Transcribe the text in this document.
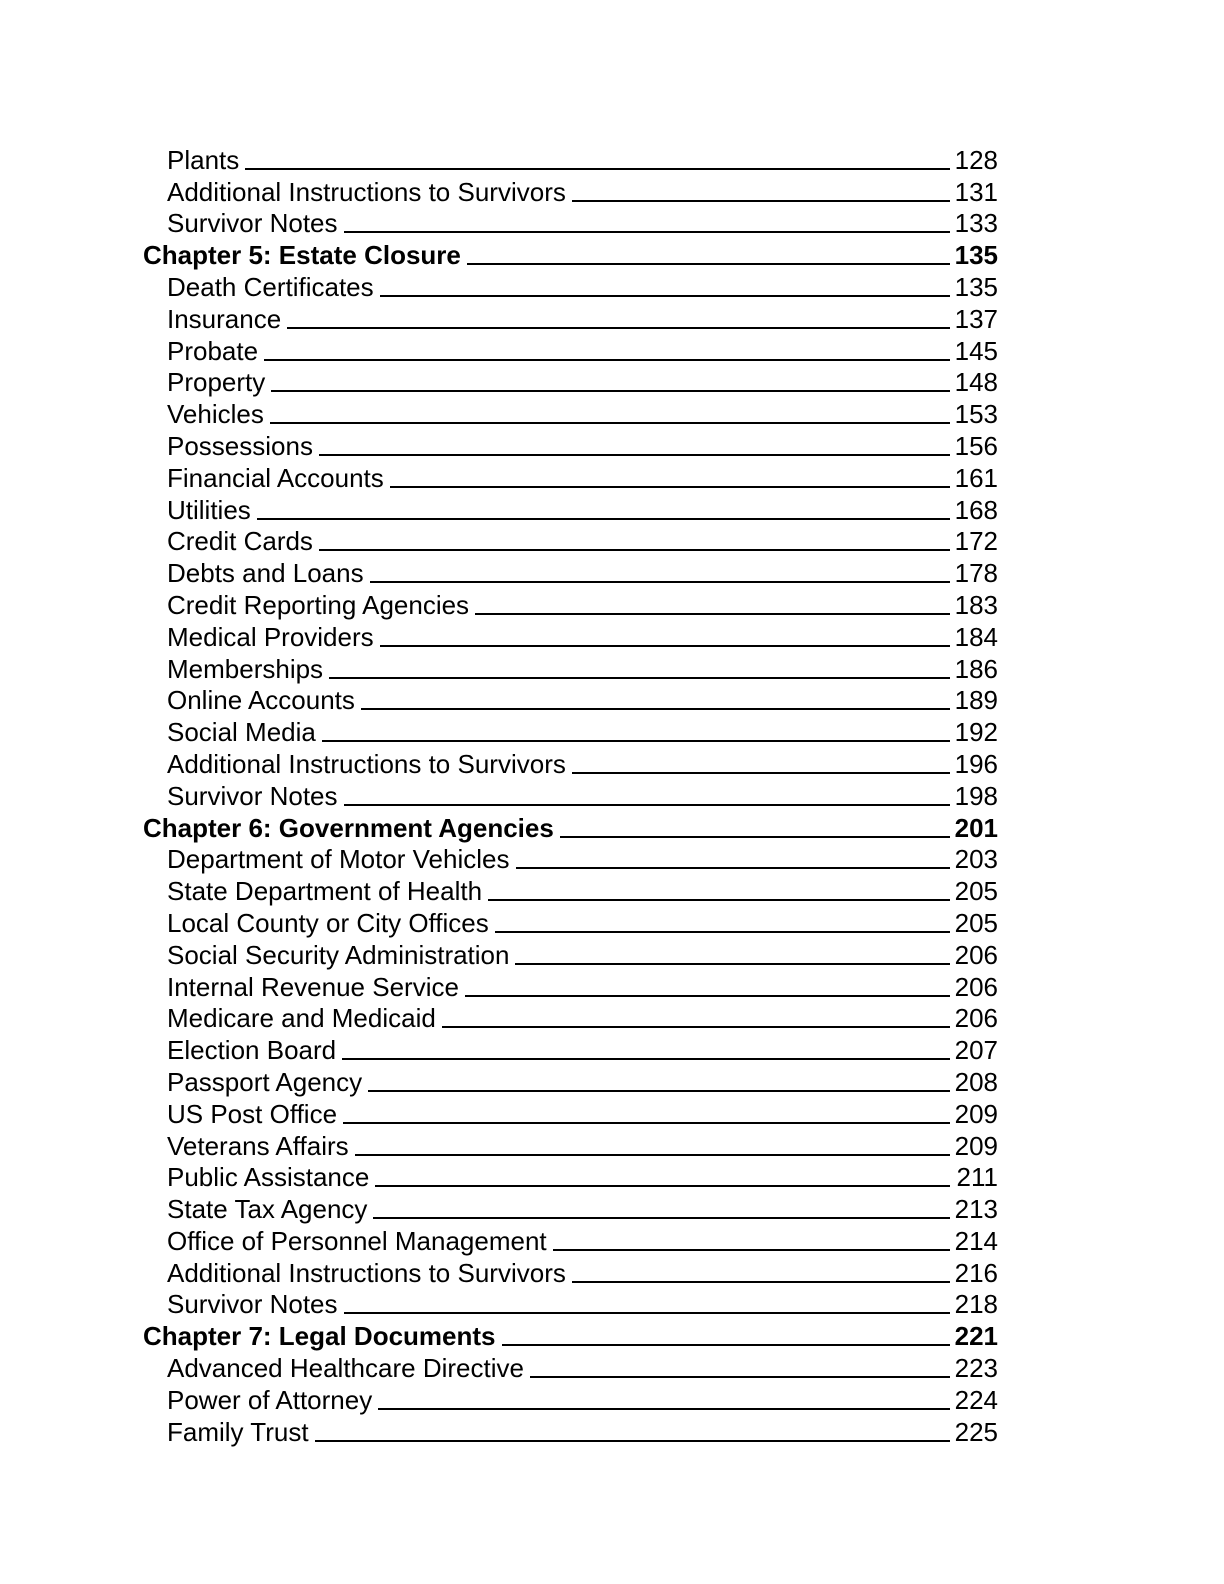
Plants	128
Additional Instructions to Survivors	131
Survivor Notes	133
Chapter 5: Estate Closure	135
Death Certificates	135
Insurance	137
Probate	145
Property	148
Vehicles	153
Possessions	156
Financial Accounts	161
Utilities	168
Credit Cards	172
Debts and Loans	178
Credit Reporting Agencies	183
Medical Providers	184
Memberships	186
Online Accounts	189
Social Media	192
Additional Instructions to Survivors	196
Survivor Notes	198
Chapter 6: Government Agencies	201
Department of Motor Vehicles	203
State Department of Health	205
Local County or City Offices	205
Social Security Administration	206
Internal Revenue Service	206
Medicare and Medicaid	206
Election Board	207
Passport Agency	208
US Post Office	209
Veterans Affairs	209
Public Assistance	211
State Tax Agency	213
Office of Personnel Management	214
Additional Instructions to Survivors	216
Survivor Notes	218
Chapter 7: Legal Documents	221
Advanced Healthcare Directive	223
Power of Attorney	224
Family Trust	225
